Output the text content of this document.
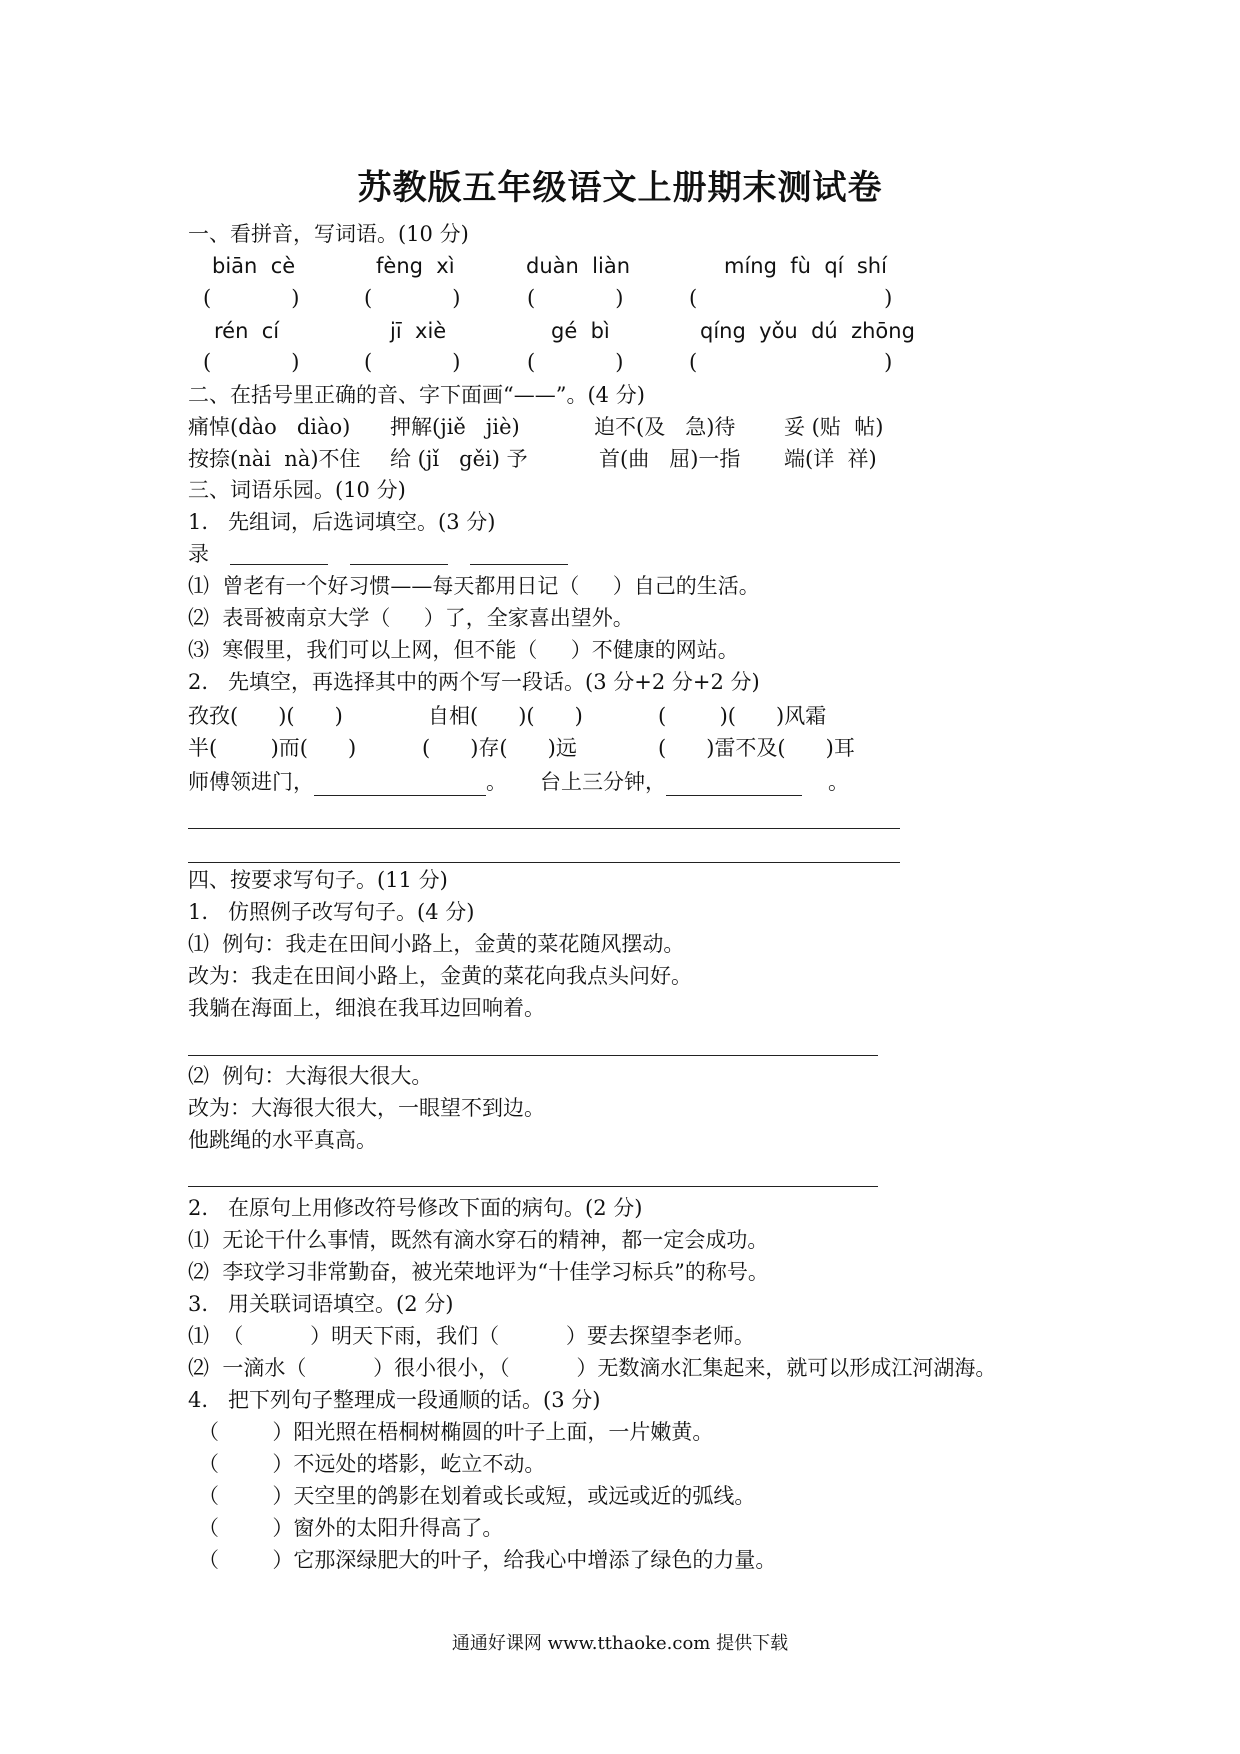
苏教版五年级语文上册期末测试卷
一、看拼音，写词语。(10 分)
biān  cè	fèng  xì	duàn  liàn	míng  fù  qí  shí
(            )	(            )	(            )	(                            )
rén  cí	jī  xiè	gé  bì	qíng  yǒu  dú  zhōng
(            )	(            )	(            )	(                            )
二、在括号里正确的音、字下面画“——”。(4 分)
痛悼(dào   diào) 押解(jiě   jiè)	迫不(及   急)待 妥 (贴  帖)
按捺(nài  nà)不住 给 (jǐ   gěi) 予	首(曲   屈)一指 端(详  祥)
三、词语乐园。(10 分)
1.   先组词，后选词填空。(3 分)
录
⑴  曾老有一个好习惯——每天都用日记（     ）自己的生活。
⑵  表哥被南京大学（     ）了，全家喜出望外。
⑶  寒假里，我们可以上网，但不能（     ）不健康的网站。
2.   先填空，再选择其中的两个写一段话。(3 分+2 分+2 分)
孜孜(      )(      )	自相(      )(      )	(        )(      )风霜
半(        )而(      )	(      )存(      )远	(      )雷不及(      )耳
师傅领进门，	。 台上三分钟，	。
四、按要求写句子。(11 分)
1.   仿照例子改写句子。(4 分)
⑴  例句：我走在田间小路上，金黄的菜花随风摆动。
改为：我走在田间小路上，金黄的菜花向我点头问好。
我躺在海面上，细浪在我耳边回响着。
⑵  例句：大海很大很大。
改为：大海很大很大，一眼望不到边。
他跳绳的水平真高。
2.   在原句上用修改符号修改下面的病句。(2 分)
⑴  无论干什么事情，既然有滴水穿石的精神，都一定会成功。
⑵  李玟学习非常勤奋，被光荣地评为“十佳学习标兵”的称号。
3.   用关联词语填空。(2 分)
⑴  （          ）明天下雨，我们（          ）要去探望李老师。
⑵  一滴水（          ）很小很小，（          ）无数滴水汇集起来，就可以形成江河湖海。
4.   把下列句子整理成一段通顺的话。(3 分)
（        ）阳光照在梧桐树椭圆的叶子上面，一片嫩黄。
（        ）不远处的塔影，屹立不动。
（        ）天空里的鸽影在划着或长或短，或远或近的弧线。
（        ）窗外的太阳升得高了。
（        ）它那深绿肥大的叶子，给我心中增添了绿色的力量。
通通好课网 www.tthaoke.com 提供下载
